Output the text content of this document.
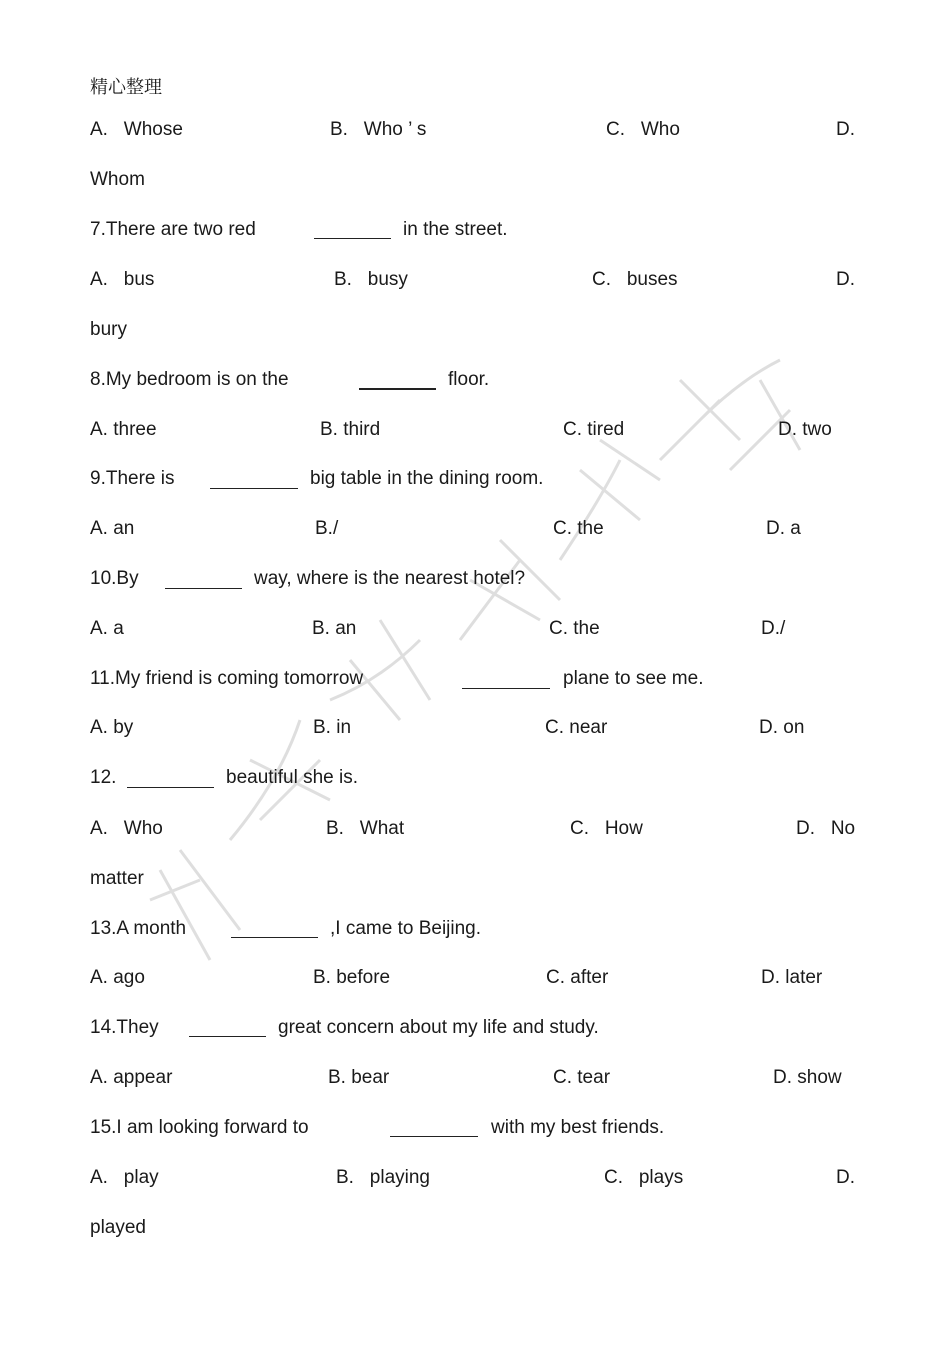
精心整理
A.   Whose	B.   Who ’ s	C.   Who	D.
Whom
7.There are two red	in the street.
A.   bus	B.   busy	C.   buses	D.
bury
8.My bedroom is on the	floor.
A. three	B. third	C. tired	D. two
9.There is	big table in the dining room.
A. an	B./	C. the	D. a
10.By	way, where is the nearest hotel?
A. a	B. an	C. the	D./
11.My friend is coming tomorrow	plane to see me.
A. by	B. in	C. near	D. on
12.	beautiful she is.
A.   Who	B.   What	C.   How	D.   No
matter
13.A month	,I came to Beijing.
A. ago	B. before	C. after	D. later
14.They	great concern about my life and study.
A. appear	B. bear	C. tear	D. show
15.I am looking forward to	with my best friends.
A.   play	B.   playing	C.   plays	D.
played
